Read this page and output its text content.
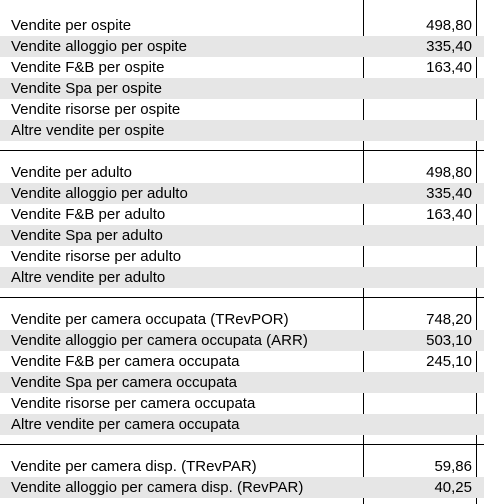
Vendite per ospite	498,80
Vendite alloggio per ospite	335,40
Vendite F&B per ospite	163,40
Vendite Spa per ospite
Vendite risorse per ospite
Altre vendite per ospite
Vendite per adulto	498,80
Vendite alloggio per adulto	335,40
Vendite F&B per adulto	163,40
Vendite Spa per adulto
Vendite risorse per adulto
Altre vendite per adulto
Vendite per camera occupata (TRevPOR)	748,20
Vendite alloggio per camera occupata (ARR)	503,10
Vendite F&B per camera occupata	245,10
Vendite Spa per camera occupata
Vendite risorse per camera occupata
Altre vendite per camera occupata
Vendite per camera disp. (TRevPAR)	59,86
Vendite alloggio per camera disp. (RevPAR)	40,25
